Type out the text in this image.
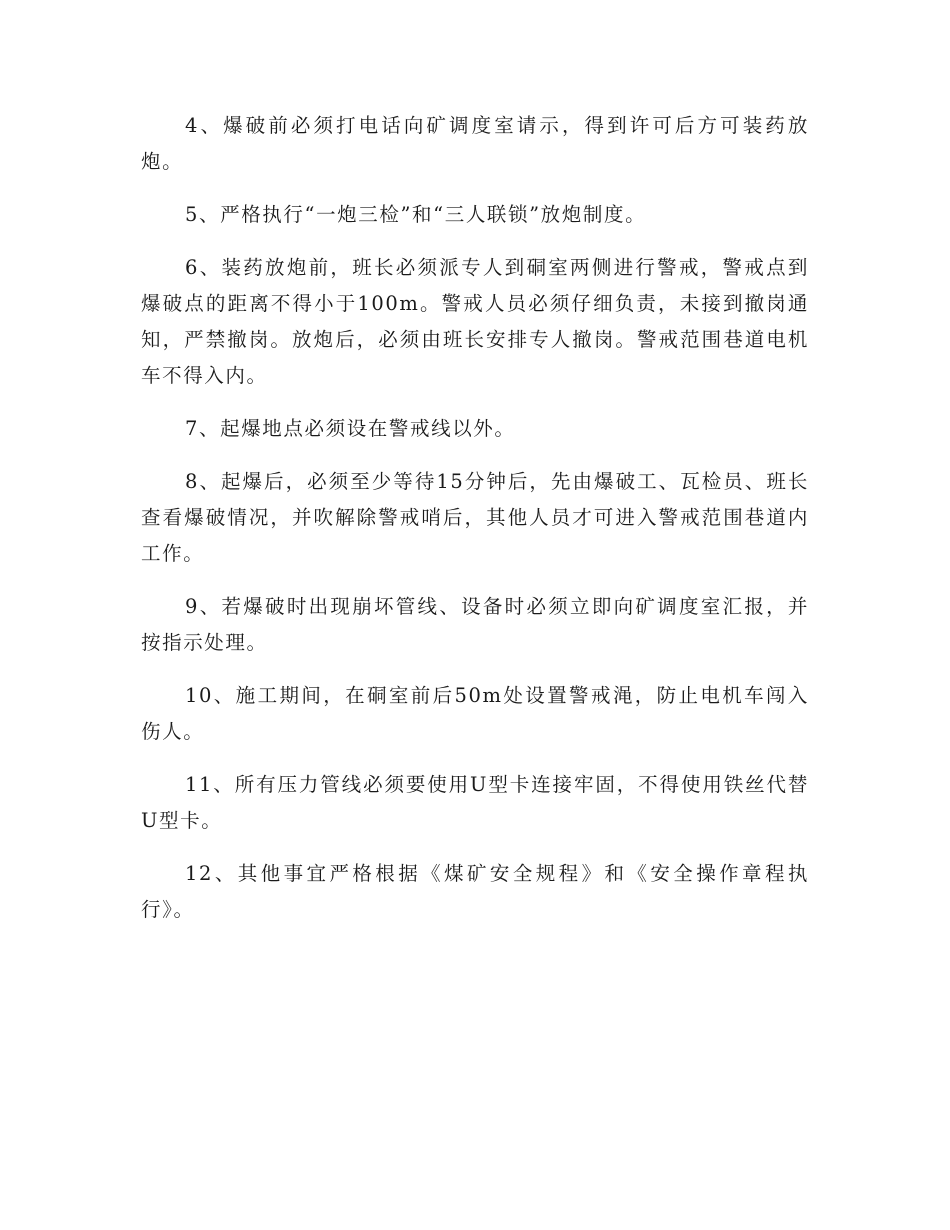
4、爆破前必须打电话向矿调度室请示，得到许可后方可装药放炮。

5、严格执行“一炮三检”和“三人联锁”放炮制度。

6、装药放炮前，班长必须派专人到硐室两侧进行警戒，警戒点到爆破点的距离不得小于100m。警戒人员必须仔细负责，未接到撤岗通知，严禁撤岗。放炮后，必须由班长安排专人撤岗。警戒范围巷道电机车不得入内。

7、起爆地点必须设在警戒线以外。

8、起爆后，必须至少等待15分钟后，先由爆破工、瓦检员、班长查看爆破情况，并吹解除警戒哨后，其他人员才可进入警戒范围巷道内工作。

9、若爆破时出现崩坏管线、设备时必须立即向矿调度室汇报，并按指示处理。

10、施工期间，在硐室前后50m处设置警戒渑，防止电机车闯入伤人。

11、所有压力管线必须要使用U型卡连接牢固，不得使用铁丝代替U型卡。

12、其他事宜严格根据《煤矿安全规程》和《安全操作章程执行》。
